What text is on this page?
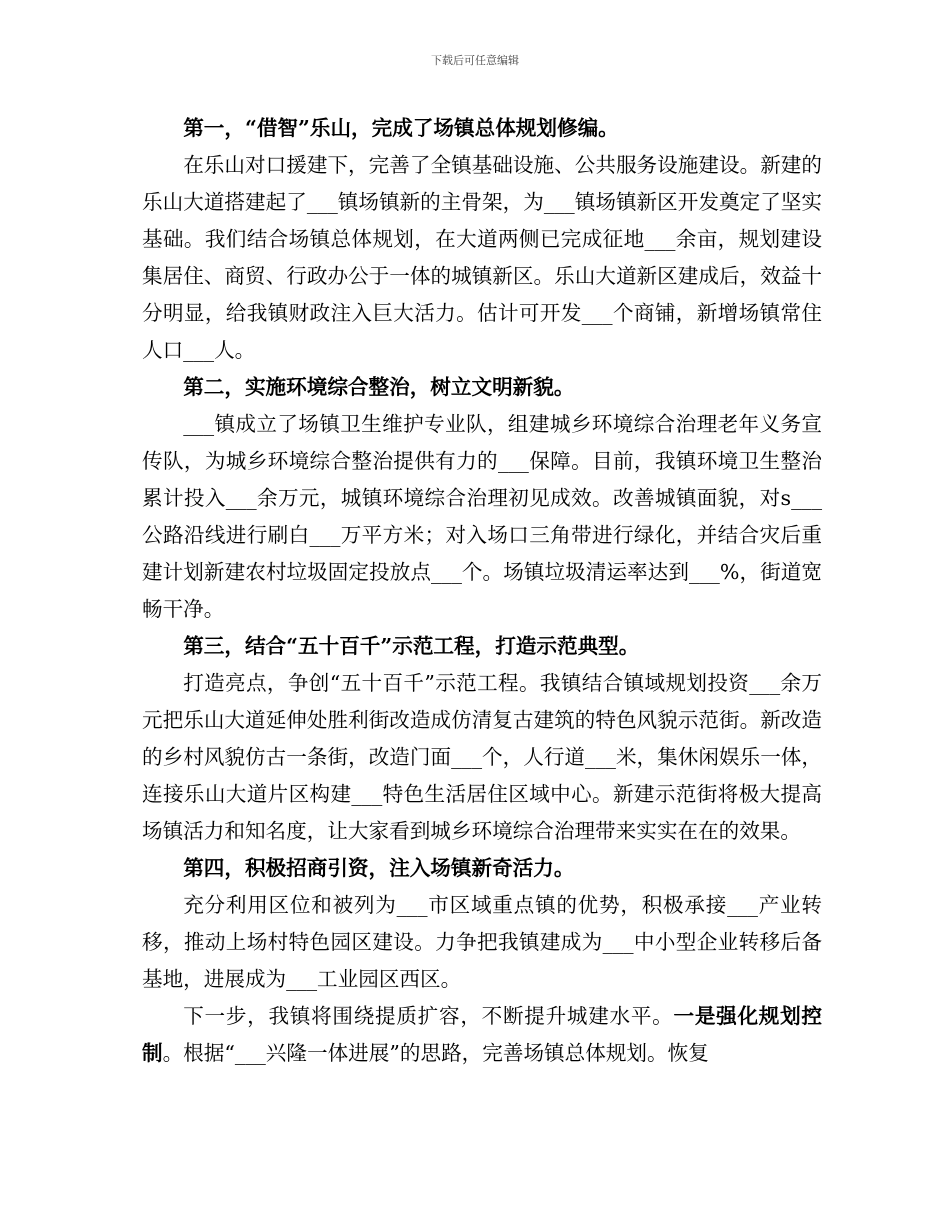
下载后可任意编辑

第一，“借智”乐山，完成了场镇总体规划修编。

在乐山对口援建下，完善了全镇基础设施、公共服务设施建设。新建的乐山大道搭建起了___镇场镇新的主骨架，为___镇场镇新区开发奠定了坚实基础。我们结合场镇总体规划，在大道两侧已完成征地___余亩，规划建设集居住、商贸、行政办公于一体的城镇新区。乐山大道新区建成后，效益十分明显，给我镇财政注入巨大活力。估计可开发___个商铺，新增场镇常住人口___人。

第二，实施环境综合整治，树立文明新貌。

___镇成立了场镇卫生维护专业队，组建城乡环境综合治理老年义务宣传队，为城乡环境综合整治提供有力的___保障。目前，我镇环境卫生整治累计投入___余万元，城镇环境综合治理初见成效。改善城镇面貌，对s___公路沿线进行刷白___万平方米；对入场口三角带进行绿化，并结合灾后重建计划新建农村垃圾固定投放点___个。场镇垃圾清运率达到___%，街道宽畅干净。

第三，结合“五十百千”示范工程，打造示范典型。

打造亮点，争创“五十百千”示范工程。我镇结合镇域规划投资___余万元把乐山大道延伸处胜利街改造成仿清复古建筑的特色风貌示范街。新改造的乡村风貌仿古一条街，改造门面___个，人行道___米，集休闲娱乐一体，连接乐山大道片区构建___特色生活居住区域中心。新建示范街将极大提高场镇活力和知名度，让大家看到城乡环境综合治理带来实实在在的效果。

第四，积极招商引资，注入场镇新奇活力。

充分利用区位和被列为___市区域重点镇的优势，积极承接___产业转移，推动上场村特色园区建设。力争把我镇建成为___中小型企业转移后备基地，进展成为___工业园区西区。

下一步，我镇将围绕提质扩容，不断提升城建水平。一是强化规划控制。根据“___兴隆一体进展”的思路，完善场镇总体规划。恢复
